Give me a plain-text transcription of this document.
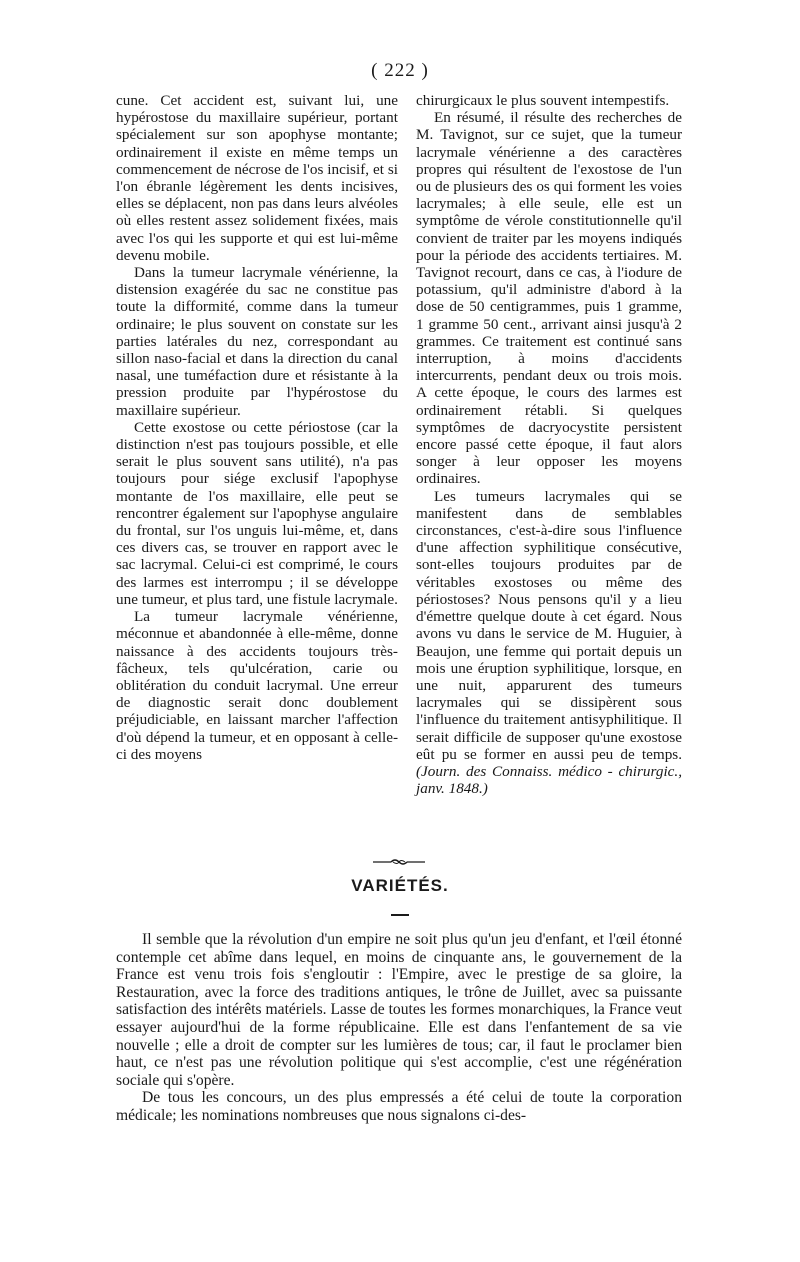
( 222 )

cune. Cet accident est, suivant lui, une hypérostose du maxillaire supérieur, portant spécialement sur son apophyse montante; ordinairement il existe en même temps un commencement de nécrose de l'os incisif, et si l'on ébranle légèrement les dents incisives, elles se déplacent, non pas dans leurs alvéoles où elles restent assez solidement fixées, mais avec l'os qui les supporte et qui est lui-même devenu mobile.

Dans la tumeur lacrymale vénérienne, la distension exagérée du sac ne constitue pas toute la difformité, comme dans la tumeur ordinaire; le plus souvent on constate sur les parties latérales du nez, correspondant au sillon naso-facial et dans la direction du canal nasal, une tuméfaction dure et résistante à la pression produite par l'hypérostose du maxillaire supérieur.

Cette exostose ou cette périostose (car la distinction n'est pas toujours possible, et elle serait le plus souvent sans utilité), n'a pas toujours pour siége exclusif l'apophyse montante de l'os maxillaire, elle peut se rencontrer également sur l'apophyse angulaire du frontal, sur l'os unguis lui-même, et, dans ces divers cas, se trouver en rapport avec le sac lacrymal. Celui-ci est comprimé, le cours des larmes est interrompu ; il se développe une tumeur, et plus tard, une fistule lacrymale.

La tumeur lacrymale vénérienne, méconnue et abandonnée à elle-même, donne naissance à des accidents toujours très-fâcheux, tels qu'ulcération, carie ou oblitération du conduit lacrymal. Une erreur de diagnostic serait donc doublement préjudiciable, en laissant marcher l'affection d'où dépend la tumeur, et en opposant à celle-ci des moyens

chirurgicaux le plus souvent intempestifs.

En résumé, il résulte des recherches de M. Tavignot, sur ce sujet, que la tumeur lacrymale vénérienne a des caractères propres qui résultent de l'exostose de l'un ou de plusieurs des os qui forment les voies lacrymales; à elle seule, elle est un symptôme de vérole constitutionnelle qu'il convient de traiter par les moyens indiqués pour la période des accidents tertiaires. M. Tavignot recourt, dans ce cas, à l'iodure de potassium, qu'il administre d'abord à la dose de 50 centigrammes, puis 1 gramme, 1 gramme 50 cent., arrivant ainsi jusqu'à 2 grammes. Ce traitement est continué sans interruption, à moins d'accidents intercurrents, pendant deux ou trois mois. A cette époque, le cours des larmes est ordinairement rétabli. Si quelques symptômes de dacryocystite persistent encore passé cette époque, il faut alors songer à leur opposer les moyens ordinaires.

Les tumeurs lacrymales qui se manifestent dans de semblables circonstances, c'est-à-dire sous l'influence d'une affection syphilitique consécutive, sont-elles toujours produites par de véritables exostoses ou même des périostoses? Nous pensons qu'il y a lieu d'émettre quelque doute à cet égard. Nous avons vu dans le service de M. Huguier, à Beaujon, une femme qui portait depuis un mois une éruption syphilitique, lorsque, en une nuit, apparurent des tumeurs lacrymales qui se dissipèrent sous l'influence du traitement antisyphilitique. Il serait difficile de supposer qu'une exostose eût pu se former en aussi peu de temps. (Journ. des Connaiss. médico - chirurgic., janv. 1848.)

VARIÉTÉS.

Il semble que la révolution d'un empire ne soit plus qu'un jeu d'enfant, et l'œil étonné contemple cet abîme dans lequel, en moins de cinquante ans, le gouvernement de la France est venu trois fois s'engloutir : l'Empire, avec le prestige de sa gloire, la Restauration, avec la force des traditions antiques, le trône de Juillet, avec sa puissante satisfaction des intérêts matériels. Lasse de toutes les formes monarchiques, la France veut essayer aujourd'hui de la forme républicaine. Elle est dans l'enfantement de sa vie nouvelle ; elle a droit de compter sur les lumières de tous; car, il faut le proclamer bien haut, ce n'est pas une révolution politique qui s'est accomplie, c'est une régénération sociale qui s'opère.

De tous les concours, un des plus empressés a été celui de toute la corporation médicale; les nominations nombreuses que nous signalons ci-des-
